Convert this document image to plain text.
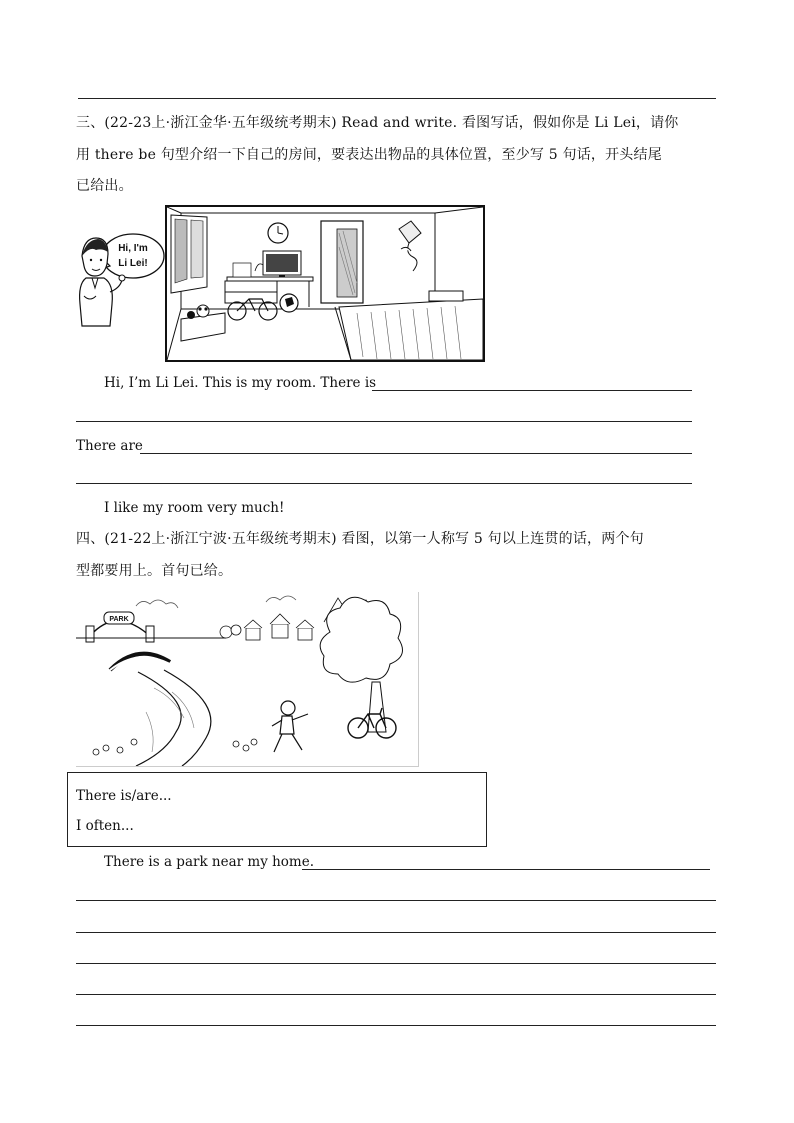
三、(22-23上·浙江金华·五年级统考期末) Read and write. 看图写话，假如你是 Li Lei，请你
用 there be 句型介绍一下自己的房间，要表达出物品的具体位置，至少写 5 句话，开头结尾
已给出。
Hi, I'm
Li Lei!
Hi, I’m Li Lei. This is my room. There is
There are
I like my room very much!
四、(21-22上·浙江宁波·五年级统考期末) 看图，以第一人称写 5 句以上连贯的话，两个句
型都要用上。首句已给。
PARK
There is/are...
I often...
There is a park near my home.
